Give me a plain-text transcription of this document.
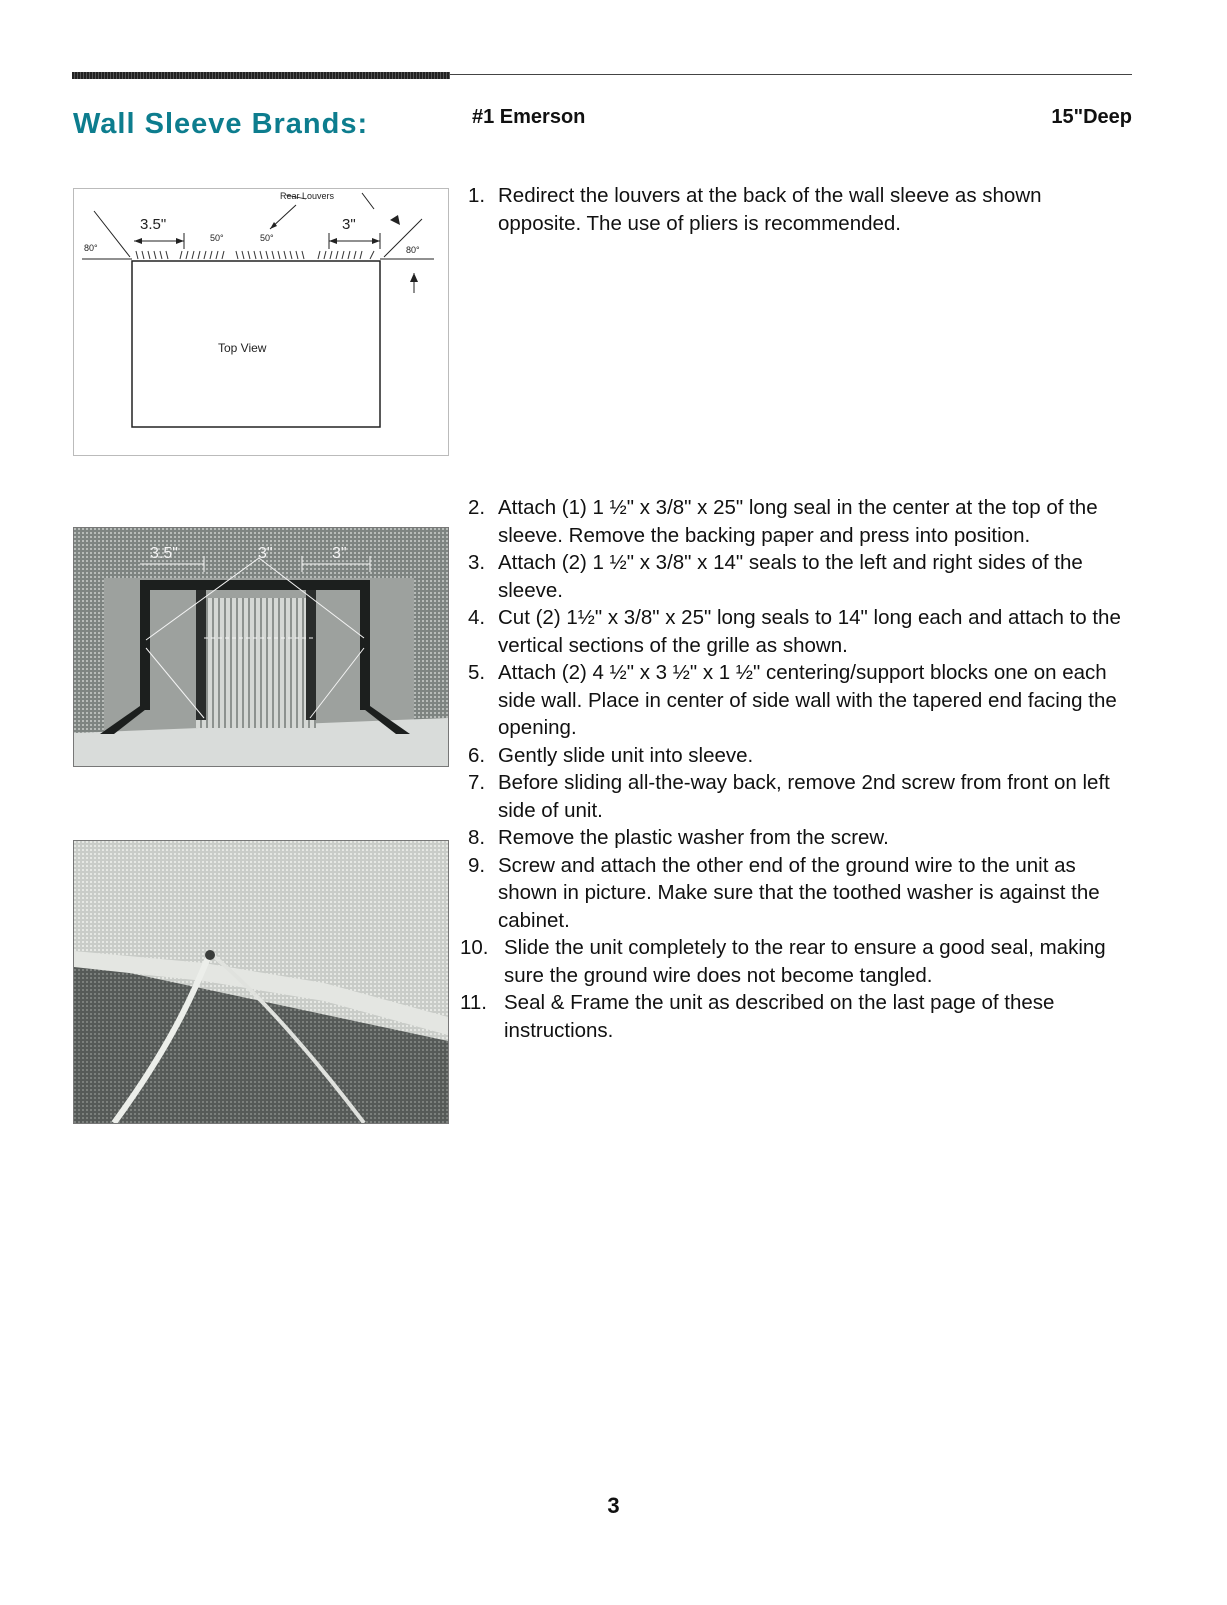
Wall Sleeve Brands:	#1 Emerson	15"Deep
Rear Louvers
3.5"	3"
80°
50°	50°
80°
Top View
3.5"	3"	3"
1. Redirect the louvers at the back of the wall sleeve as shown opposite. The use of pliers is recommended.
2. Attach (1) 1 ½" x 3/8" x 25" long seal in the center at the top of the sleeve. Remove the backing paper and press into position.
3. Attach (2) 1 ½" x 3/8" x 14" seals to the left and right sides of the sleeve.
4. Cut (2) 1½" x 3/8" x 25" long seals to 14" long each and attach to the vertical sections of the grille as shown.
5. Attach (2) 4 ½" x 3 ½" x 1 ½" centering/support blocks one on each side wall. Place in center of side wall with the tapered end facing the opening.
6. Gently slide unit into sleeve.
7. Before sliding all-the-way back, remove 2nd screw from front on left side of unit.
8. Remove the plastic washer from the screw.
9. Screw and attach the other end of the ground wire to the unit as shown in picture. Make sure that the toothed washer is against the cabinet.
10. Slide the unit completely to the rear to ensure a good seal, making sure the ground wire does not become tangled.
11. Seal & Frame the unit as described on the last page of these instructions.
3
